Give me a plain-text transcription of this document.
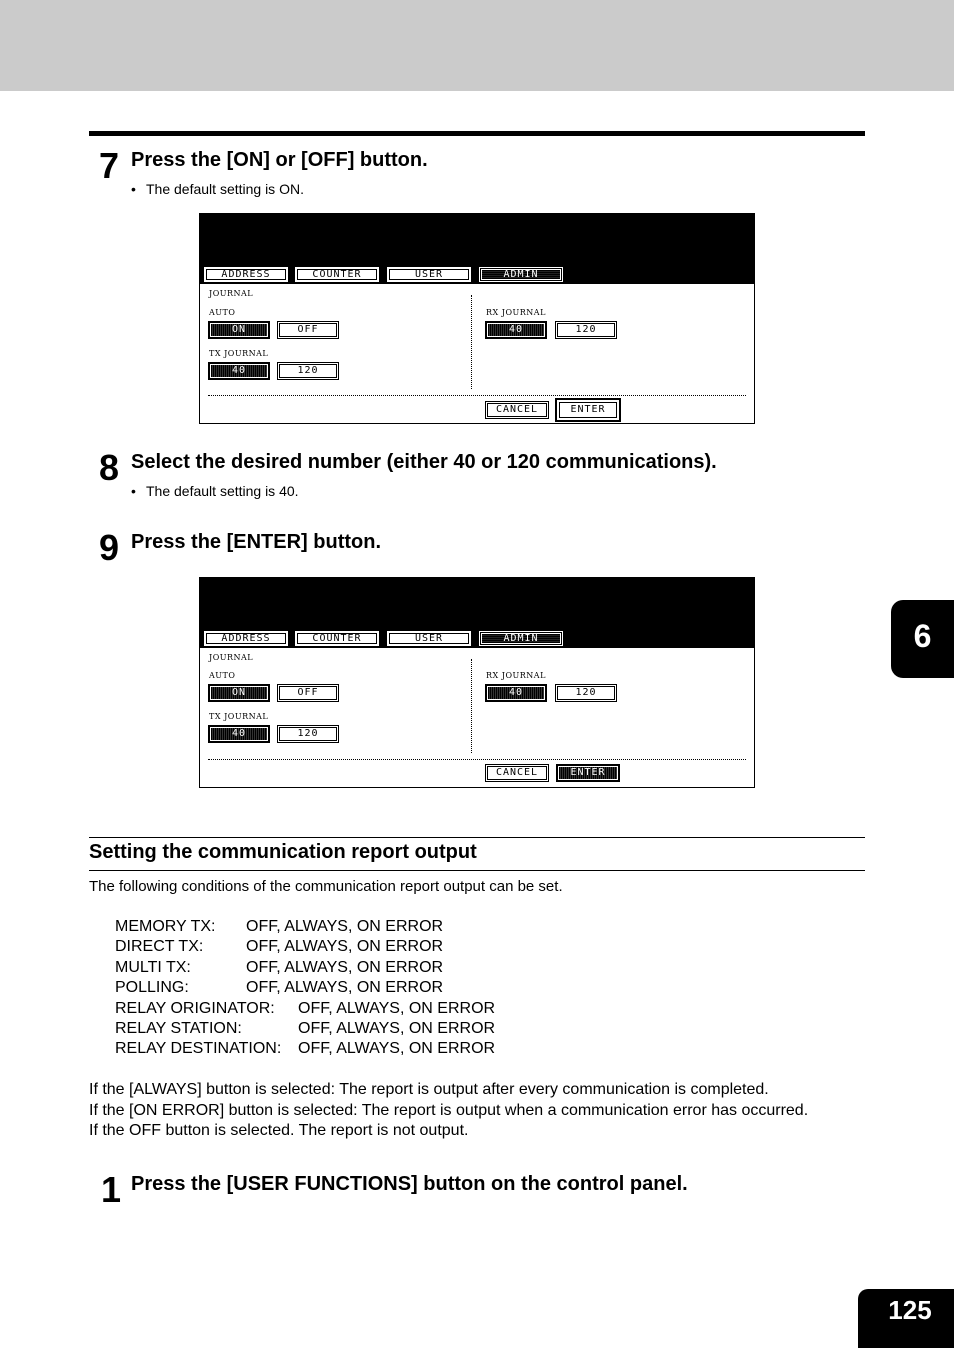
7 Press the [ON] or [OFF] button.
• The default setting is ON.
ADDRESS	COUNTER	USER	ADMIN
JOURNAL
AUTO
ON	OFF
TX JOURNAL
40	120
RX JOURNAL
40	120
CANCEL	ENTER
8 Select the desired number (either 40 or 120 communications).
• The default setting is 40.
9 Press the [ENTER] button.
ADDRESS	COUNTER	USER	ADMIN
JOURNAL
AUTO
ON	OFF
TX JOURNAL
40	120
RX JOURNAL
40	120
CANCEL	ENTER
Setting the communication report output
The following conditions of the communication report output can be set.
MEMORY TX: OFF, ALWAYS, ON ERROR
DIRECT TX:	OFF, ALWAYS, ON ERROR
MULTI TX:	OFF, ALWAYS, ON ERROR
POLLING:	OFF, ALWAYS, ON ERROR
RELAY ORIGINATOR: OFF, ALWAYS, ON ERROR
RELAY STATION:	OFF, ALWAYS, ON ERROR
RELAY DESTINATION: OFF, ALWAYS, ON ERROR
If the [ALWAYS] button is selected: The report is output after every communication is completed.
If the [ON ERROR] button is selected: The report is output when a communication error has occurred.
If the OFF button is selected. The report is not output.
1 Press the [USER FUNCTIONS] button on the control panel.
6
125
